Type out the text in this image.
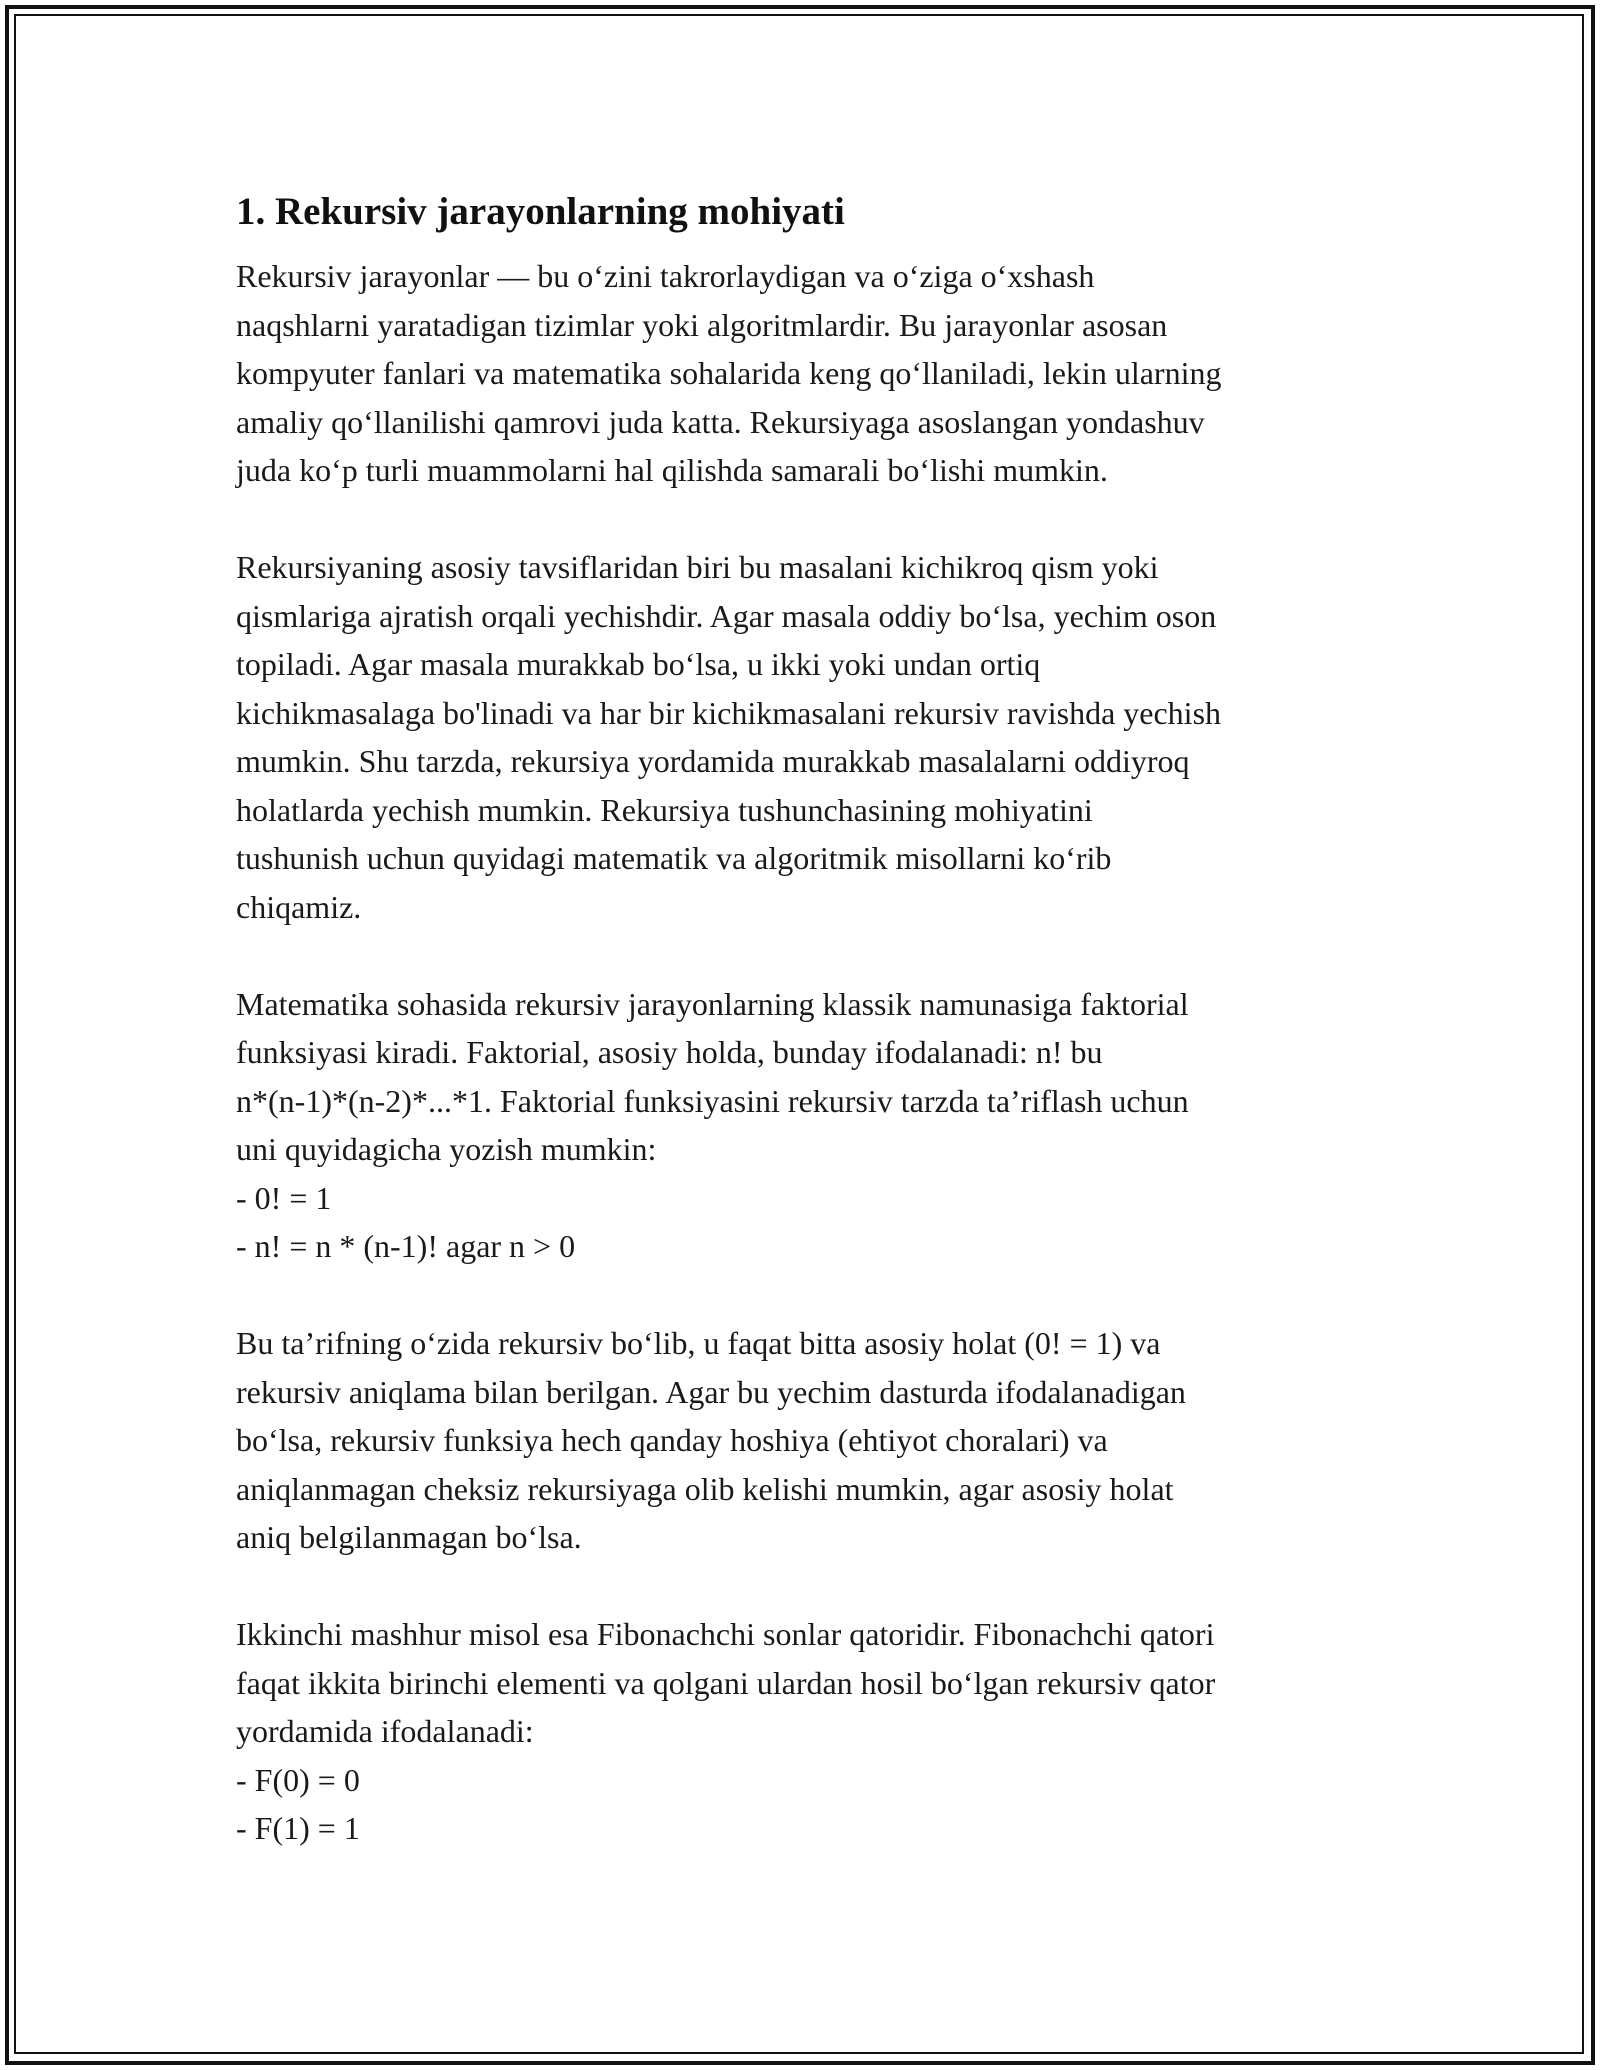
1. Rekursiv jarayonlarning mohiyati

Rekursiv jarayonlar — bu o‘zini takrorlaydigan va o‘ziga o‘xshash
naqshlarni yaratadigan tizimlar yoki algoritmlardir. Bu jarayonlar asosan
kompyuter fanlari va matematika sohalarida keng qo‘llaniladi, lekin ularning
amaliy qo‘llanilishi qamrovi juda katta. Rekursiyaga asoslangan yondashuv
juda ko‘p turli muammolarni hal qilishda samarali bo‘lishi mumkin.

Rekursiyaning asosiy tavsiflaridan biri bu masalani kichikroq qism yoki
qismlariga ajratish orqali yechishdir. Agar masala oddiy bo‘lsa, yechim oson
topiladi. Agar masala murakkab bo‘lsa, u ikki yoki undan ortiq
kichikmasalaga bo'linadi va har bir kichikmasalani rekursiv ravishda yechish
mumkin. Shu tarzda, rekursiya yordamida murakkab masalalarni oddiyroq
holatlarda yechish mumkin. Rekursiya tushunchasining mohiyatini
tushunish uchun quyidagi matematik va algoritmik misollarni ko‘rib
chiqamiz.

Matematika sohasida rekursiv jarayonlarning klassik namunasiga faktorial
funksiyasi kiradi. Faktorial, asosiy holda, bunday ifodalanadi: n! bu
n*(n-1)*(n-2)*...*1. Faktorial funksiyasini rekursiv tarzda ta’riflash uchun
uni quyidagicha yozish mumkin:
- 0! = 1
- n! = n * (n-1)! agar n > 0

Bu ta’rifning o‘zida rekursiv bo‘lib, u faqat bitta asosiy holat (0! = 1) va
rekursiv aniqlama bilan berilgan. Agar bu yechim dasturda ifodalanadigan
bo‘lsa, rekursiv funksiya hech qanday hoshiya (ehtiyot choralari) va
aniqlanmagan cheksiz rekursiyaga olib kelishi mumkin, agar asosiy holat
aniq belgilanmagan bo‘lsa.

Ikkinchi mashhur misol esa Fibonachchi sonlar qatoridir. Fibonachchi qatori
faqat ikkita birinchi elementi va qolgani ulardan hosil bo‘lgan rekursiv qator
yordamida ifodalanadi:
- F(0) = 0
- F(1) = 1
